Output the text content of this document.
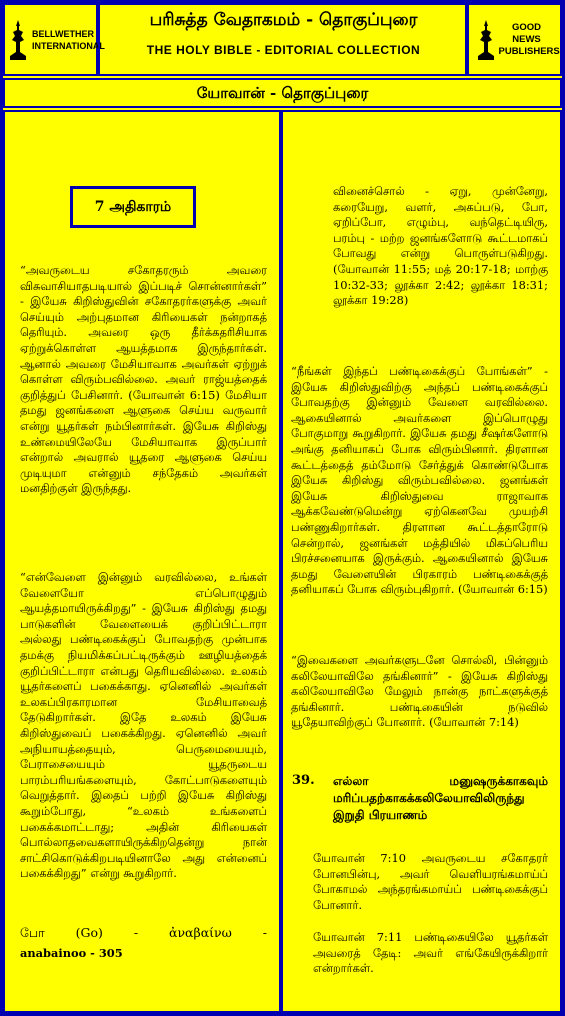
BELLWETHER INTERNATIONAL
பரிசுத்த வேதாகமம் - தொகுப்புரை
THE HOLY BIBLE - EDITORIAL COLLECTION
GOOD NEWS PUBLISHERS
யோவான் - தொகுப்புரை
7 அதிகாரம்
“அவருடைய சகோதரரும் அவரை விசுவாசியாதபடியால் இப்படிச் சொன்னார்கள்” - இயேசு கிறிஸ்துவின் சகோதரர்களுக்கு அவர் செய்யும் அற்புதமான கிரியைகள் நன்றாகத் தெரியும். அவரை ஒரு தீர்க்கதரிசியாக ஏற்றுக்கொள்ள ஆயத்தமாக இருந்தார்கள். ஆனால் அவரை மேசியாவாக அவர்கள் ஏற்றுக் கொள்ள விரும்பவில்லை. அவர் ராஜ்யத்தைக் குறித்துப் பேசினார். (யோவான் 6:15) மேசியா தமது ஜனங்களை ஆளுகை செய்ய வருவார் என்று யூதர்கள் நம்பினார்கள். இயேசு கிறிஸ்து உண்மையிலேயே மேசியாவாக இருப்பார் என்றால் அவரால் யூதரை ஆளுகை செய்ய முடியுமா என்னும் சந்தேகம் அவர்கள் மனதிற்குள் இருந்தது.
“என்வேளை இன்னும் வரவில்லை, உங்கள் வேளையோ எப்பொழுதும் ஆயத்தமாயிருக்கிறது” - இயேசு கிறிஸ்து தமது பாடுகளின் வேளையைக் குறிப்பிட்டாரா அல்லது பண்டிகைக்குப் போவதற்கு முன்பாக தமக்கு நியமிக்கப்பட்டிருக்கும் ஊழியத்தைக் குறிப்பிட்டாரா என்பது தெரியவில்லை. உலகம் யூதர்களைப் பகைக்காது. ஏனெனில் அவர்கள் உலகப்பிரகாரமான மேசியாவைத் தேடுகிறார்கள். இதே உலகம் இயேசு கிறிஸ்துவைப் பகைக்கிறது. ஏனெனில் அவர் அநியாயத்தையும், பெருமையையும், பேராசையையும் யூதருடைய பாரம்பரியங்களையும், கோட்பாடுகளையும் வெறுத்தார். இதைப் பற்றி இயேசு கிறிஸ்து கூறும்போது, “உலகம் உங்களைப் பகைக்கமாட்டாது; அதின் கிரியைகள் பொல்லாதவைகளாயிருக்கிறதென்று நான் சாட்சிகொடுக்கிறபடியினாலே அது என்னைப் பகைக்கிறது” என்று கூறுகிறார்.
போ (Go) - ἀναβαίνω -
anabainoo - 305
வினைச்சொல் - ஏறு, முன்னேறு, கரையேறு, வளர், அகப்படு, போ, ஏறிப்போ, எழும்பு, வந்தெட்டியிரு, பரம்பு - மற்ற ஜனங்களோடு கூட்டமாகப் போவது என்று பொருள்படுகிறது. (யோவான் 11:55; மத் 20:17-18; மாற்கு 10:32-33; லூக்கா 2:42; லூக்கா 18:31; லூக்கா 19:28)
“நீங்கள் இந்தப் பண்டிகைக்குப் போங்கள்” - இயேசு கிறிஸ்துவிற்கு அந்தப் பண்டிகைக்குப் போவதற்கு இன்னும் வேளை வரவில்லை. ஆகையினால் அவர்களை இப்பொழுது போகுமாறு கூறுகிறார். இயேசு தமது சீஷர்களோடு அங்கு தனியாகப் போக விரும்பினார். திரளான கூட்டத்தைத் தம்மோடு சேர்த்துக் கொண்டுபோக இயேசு கிறிஸ்து விரும்பவில்லை. ஜனங்கள் இயேசு கிறிஸ்துவை ராஜாவாக ஆக்கவேண்டுமென்று ஏற்கெனவே முயற்சி பண்ணுகிறார்கள். திரளான கூட்டத்தாரோடு சென்றால், ஜனங்கள் மத்தியில் மிகப்பெரிய பிரச்சனையாக இருக்கும். ஆகையினால் இயேசு தமது வேளையின் பிரகாரம் பண்டிகைக்குத் தனியாகப் போக விரும்புகிறார். (யோவான் 6:15)
“இவைகளை அவர்களுடனே சொல்லி, பின்னும் கலிலேயாவிலே தங்கினார்” - இயேசு கிறிஸ்து கலிலேயாவிலே மேலும் நான்கு நாட்களுக்குத் தங்கினார். பண்டிகையின் நடுவில் யூதேயாவிற்குப் போனார். (யோவான் 7:14)
39. எல்லா மனுஷருக்காகவும் மரிப்பதற்காகக்கலிலேயாவிலிருந்து இறுதி பிரயாணம்
யோவான் 7:10 அவருடைய சகோதரர் போனபின்பு, அவர் வெளியரங்கமாய்ப் போகாமல் அந்தரங்கமாய்ப் பண்டிகைக்குப் போனார்.
யோவான் 7:11 பண்டிகையிலே யூதர்கள் அவரைத் தேடி: அவர் எங்கேயிருக்கிறார் என்றார்கள்.
